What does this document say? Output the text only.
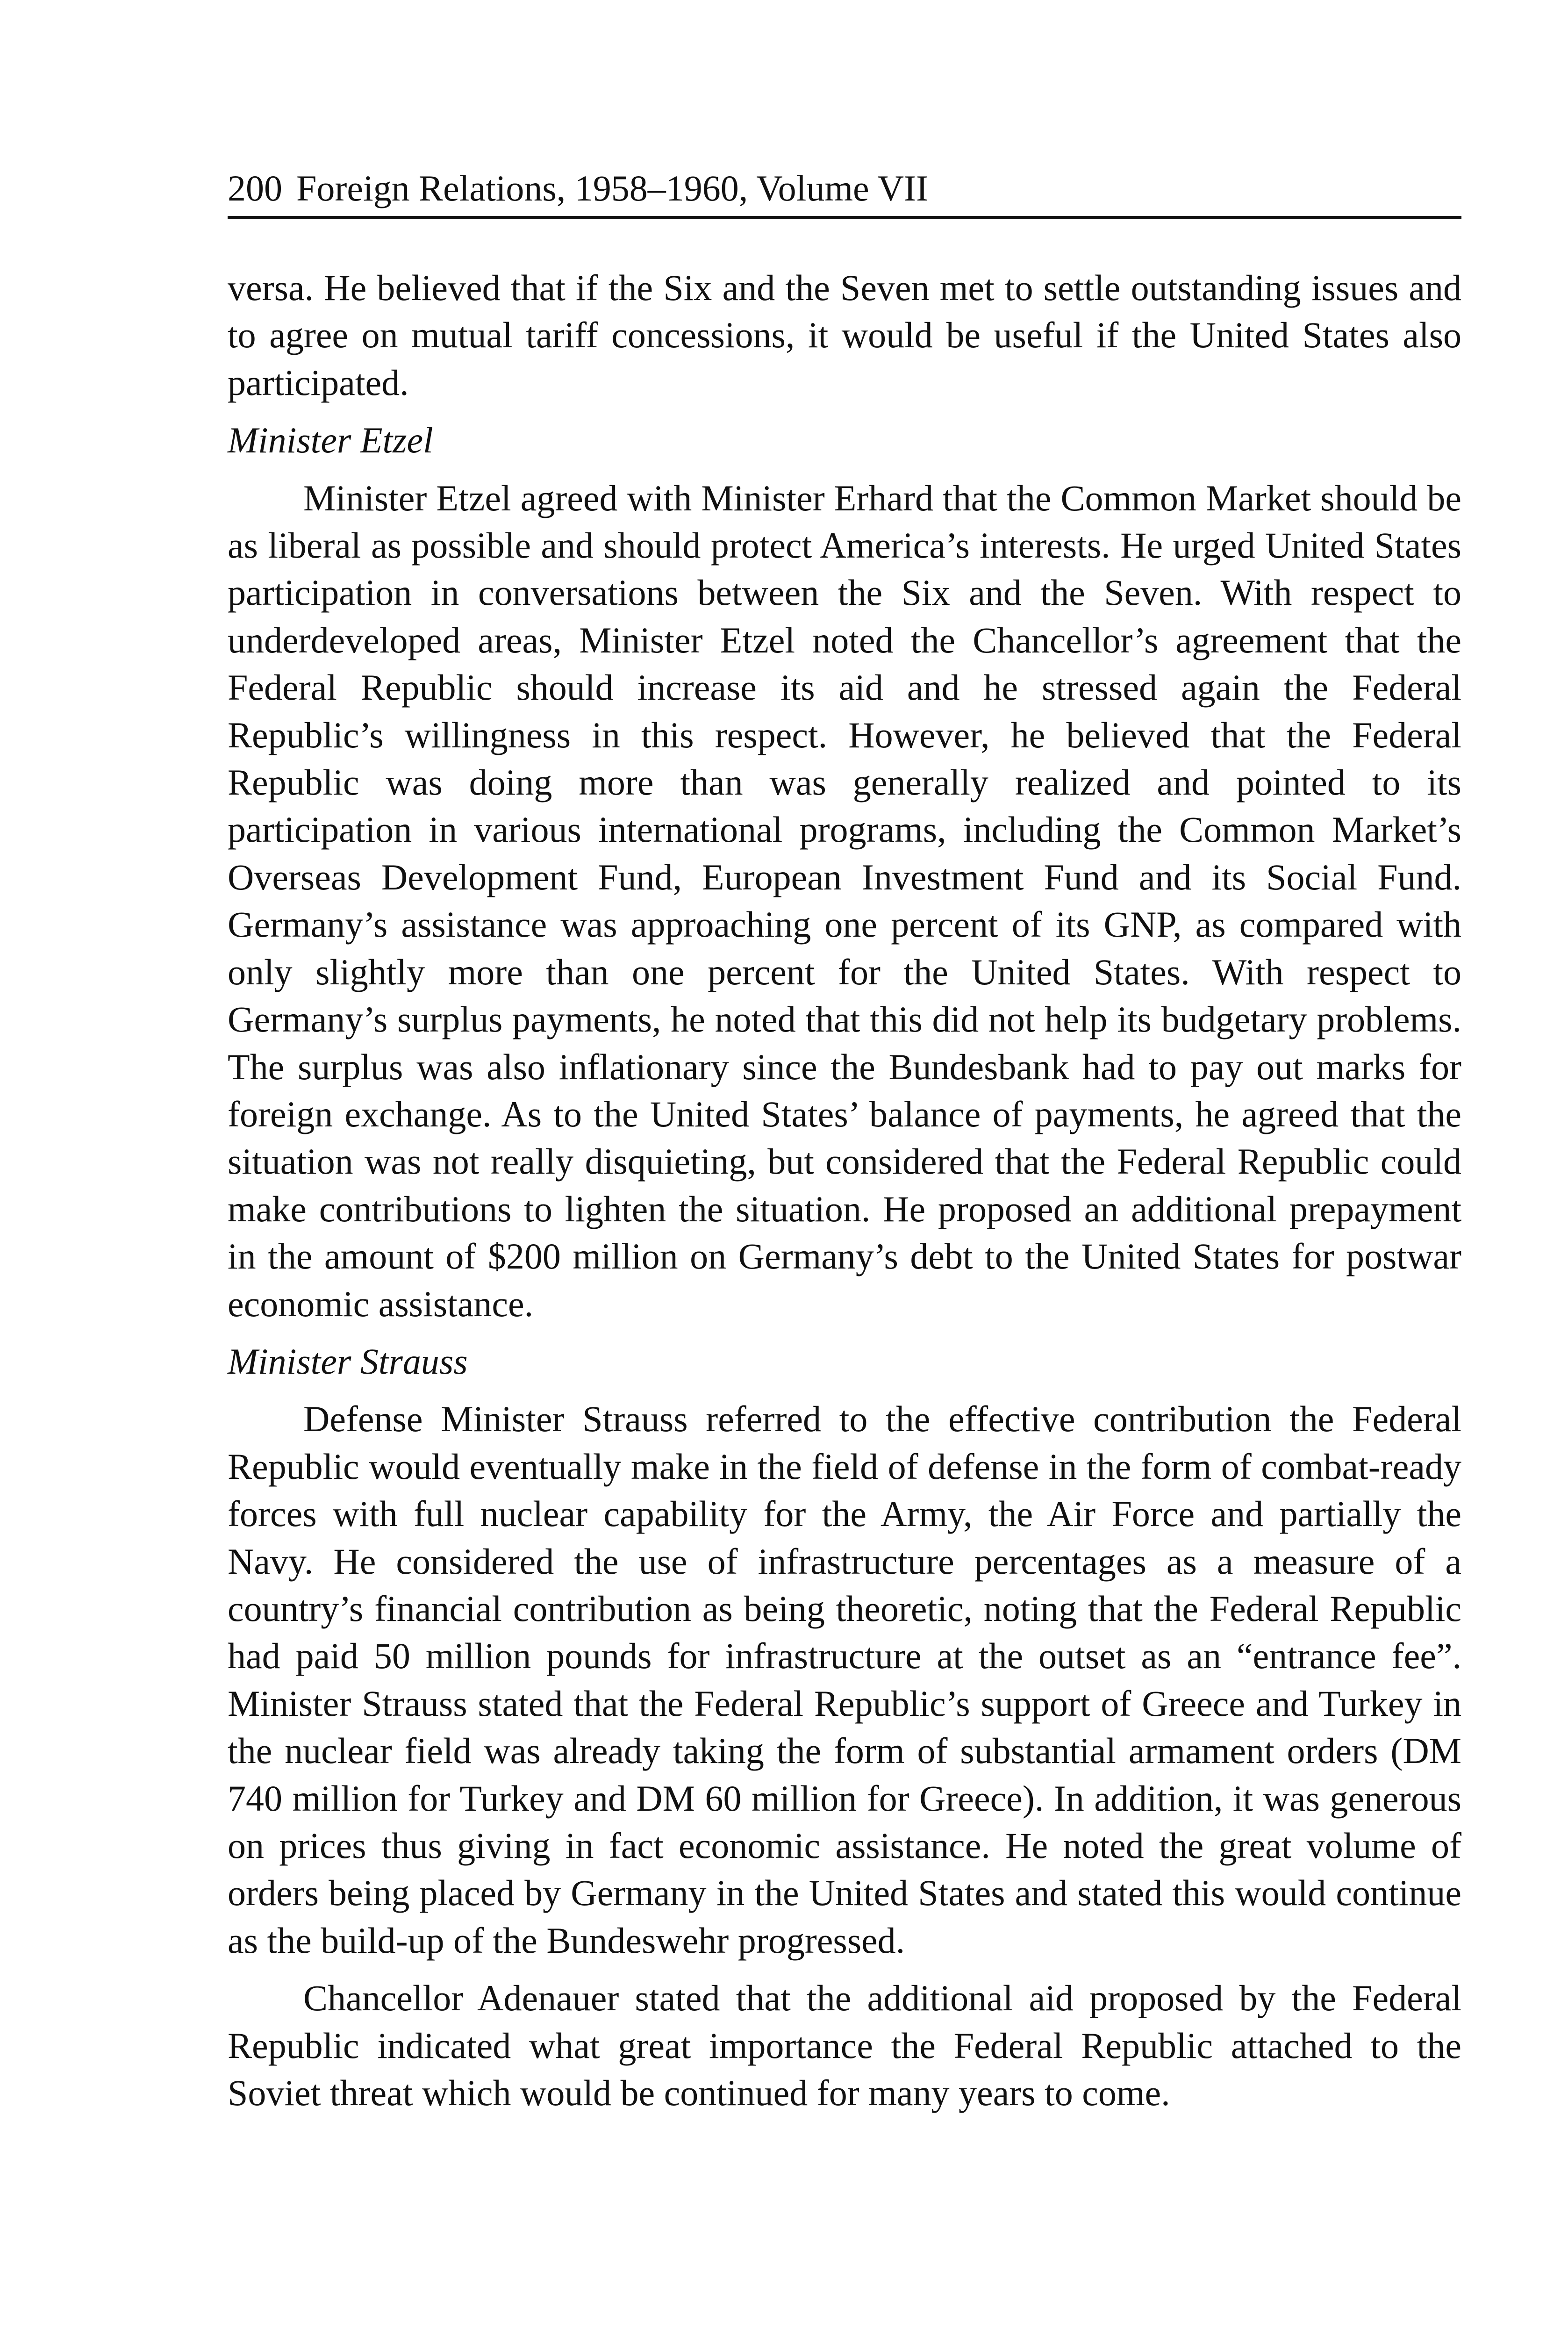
200 Foreign Relations, 1958–1960, Volume VII

versa. He believed that if the Six and the Seven met to settle outstanding issues and to agree on mutual tariff concessions, it would be useful if the United States also participated.

Minister Etzel

Minister Etzel agreed with Minister Erhard that the Common Market should be as liberal as possible and should protect America’s interests. He urged United States participation in conversations between the Six and the Seven. With respect to underdeveloped areas, Minister Etzel noted the Chancellor’s agreement that the Federal Republic should increase its aid and he stressed again the Federal Republic’s willingness in this respect. However, he believed that the Federal Republic was doing more than was generally realized and pointed to its participation in various international programs, including the Common Market’s Overseas Development Fund, European Investment Fund and its Social Fund. Germany’s assistance was approaching one percent of its GNP, as compared with only slightly more than one percent for the United States. With respect to Germany’s surplus payments, he noted that this did not help its budgetary problems. The surplus was also inflationary since the Bundesbank had to pay out marks for foreign exchange. As to the United States’ balance of payments, he agreed that the situation was not really disquieting, but considered that the Federal Republic could make contributions to lighten the situation. He proposed an additional prepayment in the amount of $200 million on Germany’s debt to the United States for postwar economic assistance.

Minister Strauss

Defense Minister Strauss referred to the effective contribution the Federal Republic would eventually make in the field of defense in the form of combat-ready forces with full nuclear capability for the Army, the Air Force and partially the Navy. He considered the use of infrastructure percentages as a measure of a country’s financial contribution as being theoretic, noting that the Federal Republic had paid 50 million pounds for infrastructure at the outset as an “entrance fee”. Minister Strauss stated that the Federal Republic’s support of Greece and Turkey in the nuclear field was already taking the form of substantial armament orders (DM 740 million for Turkey and DM 60 million for Greece). In addition, it was generous on prices thus giving in fact economic assistance. He noted the great volume of orders being placed by Germany in the United States and stated this would continue as the build-up of the Bundeswehr progressed.

Chancellor Adenauer stated that the additional aid proposed by the Federal Republic indicated what great importance the Federal Republic attached to the Soviet threat which would be continued for many years to come.
